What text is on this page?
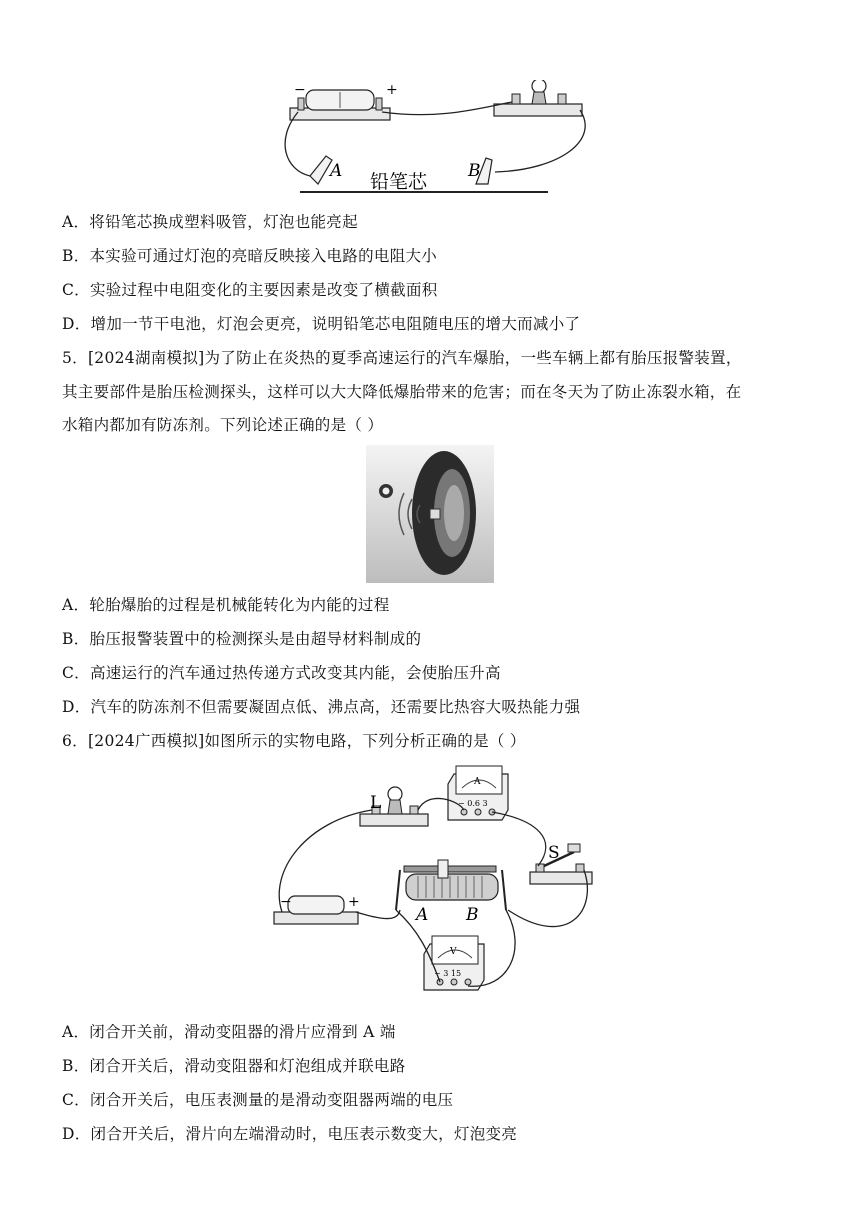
−	+
A	B
铅笔芯
A．将铅笔芯换成塑料吸管，灯泡也能亮起
B．本实验可通过灯泡的亮暗反映接入电路的电阻大小
C．实验过程中电阻变化的主要因素是改变了横截面积
D．增加一节干电池，灯泡会更亮，说明铅笔芯电阻随电压的增大而减小了
5．[2024湖南模拟]为了防止在炎热的夏季高速运行的汽车爆胎，一些车辆上都有胎压报警装置，
其主要部件是胎压检测探头，这样可以大大降低爆胎带来的危害；而在冬天为了防止冻裂水箱，在
水箱内都加有防冻剂。下列论述正确的是（ ）
A．轮胎爆胎的过程是机械能转化为内能的过程
B．胎压报警装置中的检测探头是由超导材料制成的
C．高速运行的汽车通过热传递方式改变其内能，会使胎压升高
D．汽车的防冻剂不但需要凝固点低、沸点高，还需要比热容大吸热能力强
6．[2024广西模拟]如图所示的实物电路，下列分析正确的是（ ）
L
A
− 0.6 3
S
A B
−	+
V
− 3 15
A．闭合开关前，滑动变阻器的滑片应滑到 A 端
B．闭合开关后，滑动变阻器和灯泡组成并联电路
C．闭合开关后，电压表测量的是滑动变阻器两端的电压
D．闭合开关后，滑片向左端滑动时，电压表示数变大，灯泡变亮
